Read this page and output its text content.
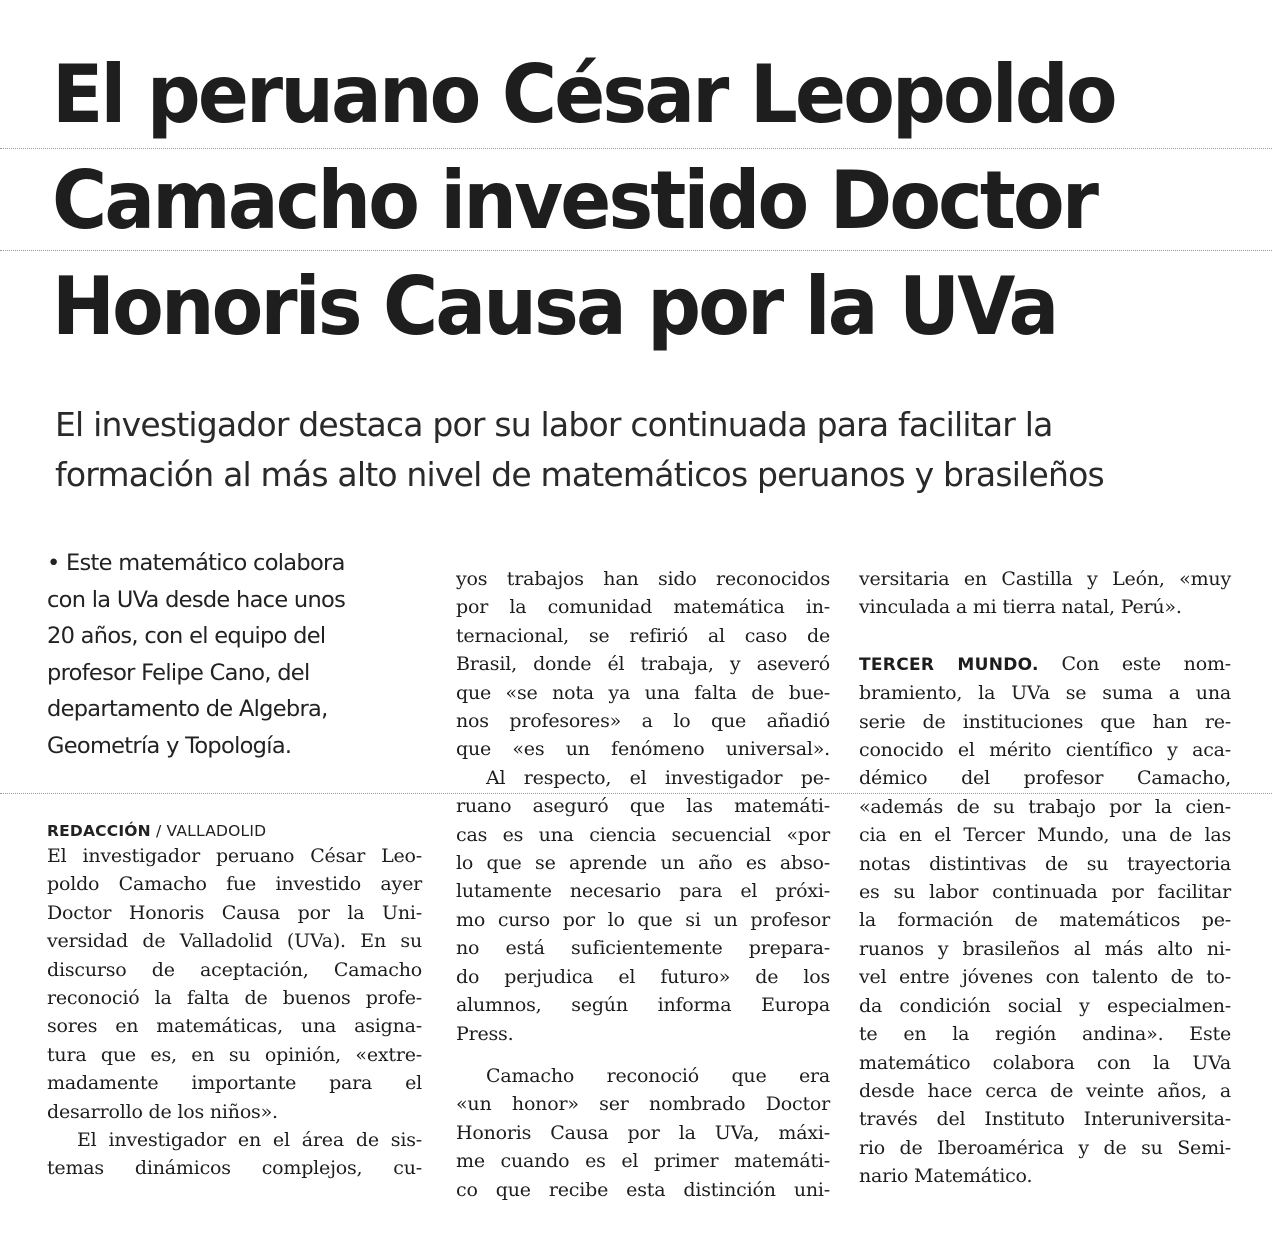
El peruano César Leopoldo
Camacho investido Doctor
Honoris Causa por la UVa
El investigador destaca por su labor continuada para facilitar la
formación al más alto nivel de matemáticos peruanos y brasileños
• Este matemático colabora
con la UVa desde hace unos
20 años, con el equipo del
profesor Felipe Cano, del
departamento de Algebra,
Geometría y Topología.

REDACCIÓN / VALLADOLID

El investigador peruano César Leo-
poldo Camacho fue investido ayer
Doctor Honoris Causa por la Uni-
versidad de Valladolid (UVa). En su
discurso de aceptación, Camacho
reconoció la falta de buenos profe-
sores en matemáticas, una asigna-
tura que es, en su opinión, «extre-
madamente importante para el
desarrollo de los niños».
El investigador en el área de sis-
temas dinámicos complejos, cu-
yos trabajos han sido reconocidos
por la comunidad matemática in-
ternacional, se refirió al caso de
Brasil, donde él trabaja, y aseveró
que «se nota ya una falta de bue-
nos profesores» a lo que añadió
que «es un fenómeno universal».
Al respecto, el investigador pe-
ruano aseguró que las matemáti-
cas es una ciencia secuencial «por
lo que se aprende un año es abso-
lutamente necesario para el próxi-
mo curso por lo que si un profesor
no está suficientemente prepara-
do perjudica el futuro» de los
alumnos, según informa Europa
Press.
Camacho reconoció que era
«un honor» ser nombrado Doctor
Honoris Causa por la UVa, máxi-
me cuando es el primer matemáti-
co que recibe esta distinción uni-
versitaria en Castilla y León, «muy
vinculada a mi tierra natal, Perú».
TERCER MUNDO. Con este nom-
bramiento, la UVa se suma a una
serie de instituciones que han re-
conocido el mérito científico y aca-
démico del profesor Camacho,
«además de su trabajo por la cien-
cia en el Tercer Mundo, una de las
notas distintivas de su trayectoria
es su labor continuada por facilitar
la formación de matemáticos pe-
ruanos y brasileños al más alto ni-
vel entre jóvenes con talento de to-
da condición social y especialmen-
te en la región andina». Este
matemático colabora con la UVa
desde hace cerca de veinte años, a
través del Instituto Interuniversita-
rio de Iberoamérica y de su Semi-
nario Matemático.
